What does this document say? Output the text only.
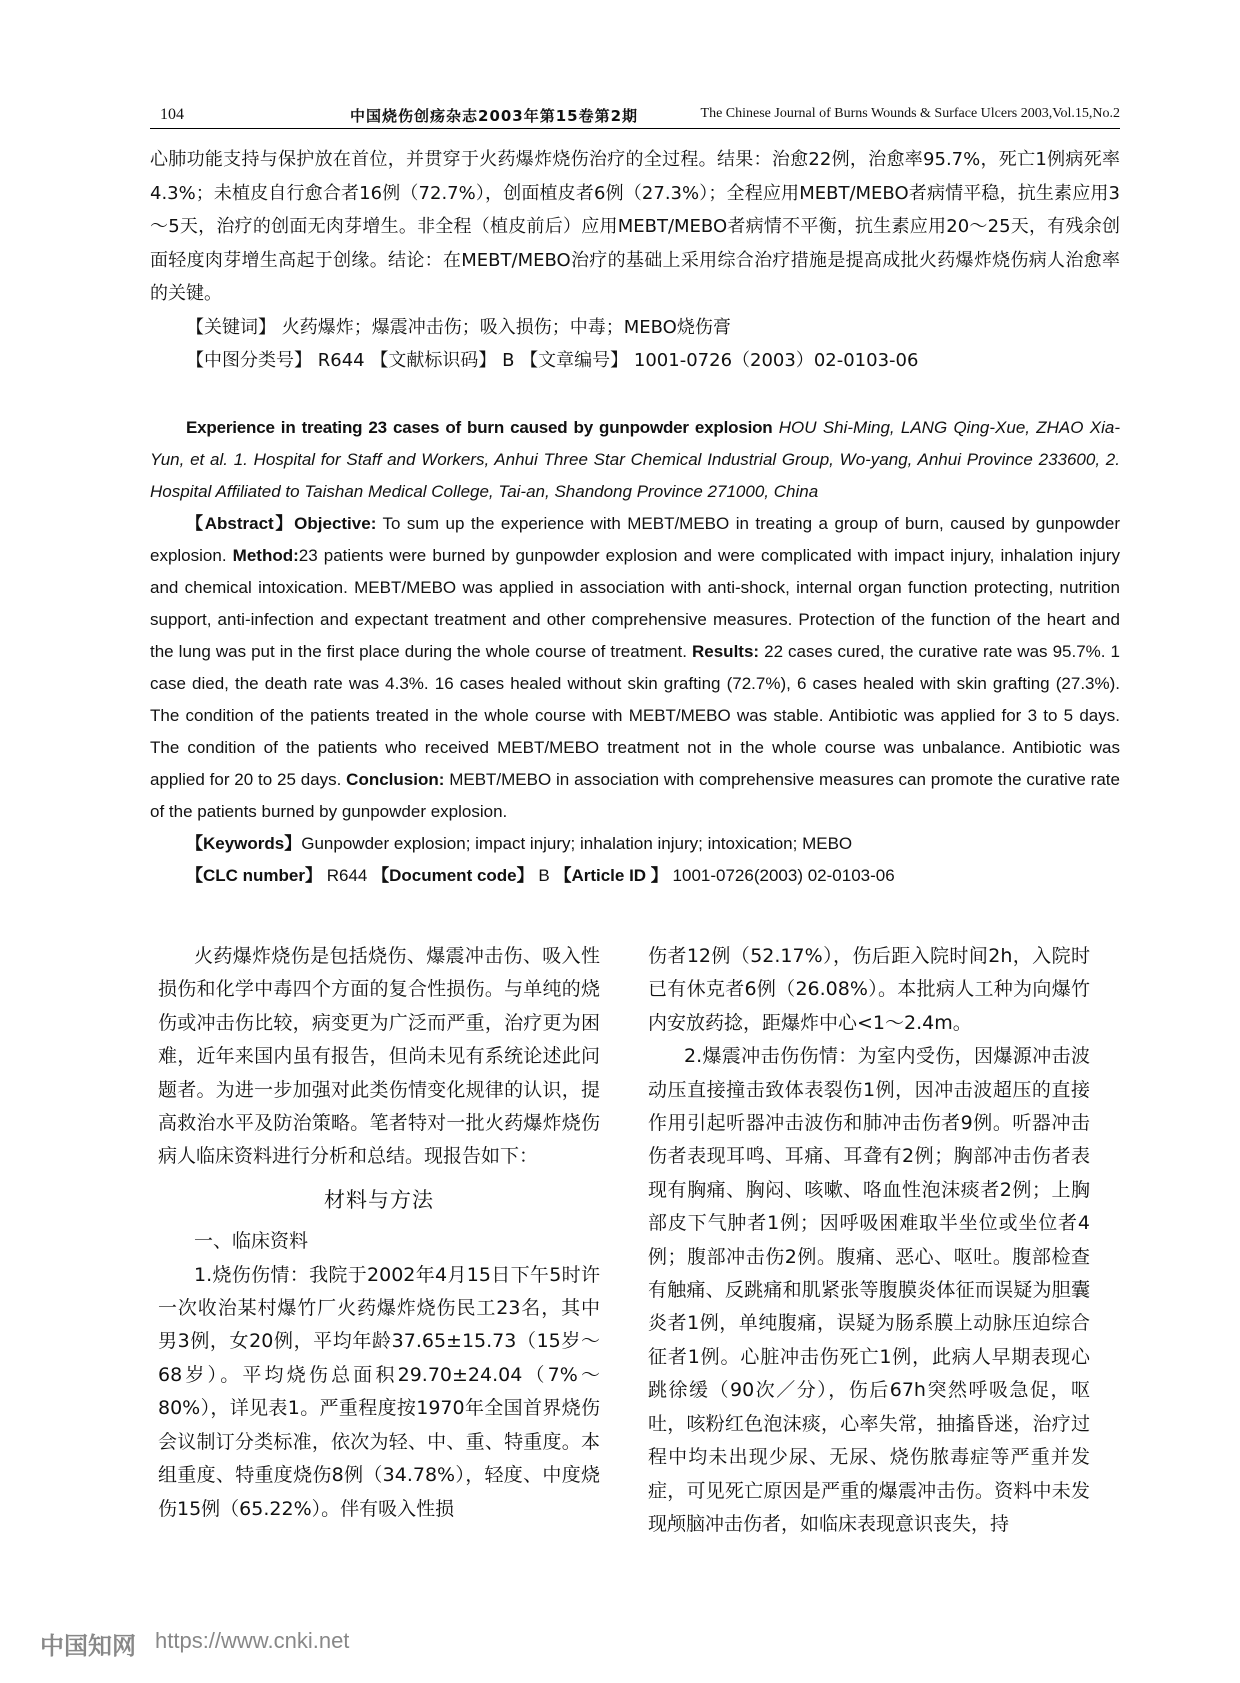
104	中国烧伤创疡杂志2003年第15卷第2期	The Chinese Journal of Burns Wounds & Surface Ulcers 2003,Vol.15,No.2

心肺功能支持与保护放在首位，并贯穿于火药爆炸烧伤治疗的全过程。结果：治愈22例，治愈率95.7%，死亡1例病死率4.3%；未植皮自行愈合者16例（72.7%），创面植皮者6例（27.3%）；全程应用MEBT/MEBO者病情平稳，抗生素应用3～5天，治疗的创面无肉芽增生。非全程（植皮前后）应用MEBT/MEBO者病情不平衡，抗生素应用20～25天，有残余创面轻度肉芽增生高起于创缘。结论：在MEBT/MEBO治疗的基础上采用综合治疗措施是提高成批火药爆炸烧伤病人治愈率的关键。

【关键词】 火药爆炸；爆震冲击伤；吸入损伤；中毒；MEBO烧伤膏

【中图分类号】 R644 【文献标识码】 B 【文章编号】 1001-0726（2003）02-0103-06

Experience in treating 23 cases of burn caused by gunpowder explosion HOU Shi-Ming, LANG Qing-Xue, ZHAO Xia-Yun, et al. 1. Hospital for Staff and Workers, Anhui Three Star Chemical Industrial Group, Wo-yang, Anhui Province 233600, 2. Hospital Affiliated to Taishan Medical College, Tai-an, Shandong Province 271000, China

【Abstract】Objective: To sum up the experience with MEBT/MEBO in treating a group of burn, caused by gunpowder explosion. Method:23 patients were burned by gunpowder explosion and were complicated with impact injury, inhalation injury and chemical intoxication. MEBT/MEBO was applied in association with anti-shock, internal organ function protecting, nutrition support, anti-infection and expectant treatment and other comprehensive measures. Protection of the function of the heart and the lung was put in the first place during the whole course of treatment. Results: 22 cases cured, the curative rate was 95.7%. 1 case died, the death rate was 4.3%. 16 cases healed without skin grafting (72.7%), 6 cases healed with skin grafting (27.3%). The condition of the patients treated in the whole course with MEBT/MEBO was stable. Antibiotic was applied for 3 to 5 days. The condition of the patients who received MEBT/MEBO treatment not in the whole course was unbalance. Antibiotic was applied for 20 to 25 days. Conclusion: MEBT/MEBO in association with comprehensive measures can promote the curative rate of the patients burned by gunpowder explosion.

【Keywords】Gunpowder explosion; impact injury; inhalation injury; intoxication; MEBO

【CLC number】 R644 【Document code】 B 【Article ID 】 1001-0726(2003) 02-0103-06

火药爆炸烧伤是包括烧伤、爆震冲击伤、吸入性损伤和化学中毒四个方面的复合性损伤。与单纯的烧伤或冲击伤比较，病变更为广泛而严重，治疗更为困难，近年来国内虽有报告，但尚未见有系统论述此问题者。为进一步加强对此类伤情变化规律的认识，提高救治水平及防治策略。笔者特对一批火药爆炸烧伤病人临床资料进行分析和总结。现报告如下：

材料与方法

一、临床资料

1.烧伤伤情：我院于2002年4月15日下午5时许一次收治某村爆竹厂火药爆炸烧伤民工23名，其中男3例，女20例，平均年龄37.65±15.73（15岁～68岁）。平均烧伤总面积29.70±24.04（7%～80%），详见表1。严重程度按1970年全国首界烧伤会议制订分类标准，依次为轻、中、重、特重度。本组重度、特重度烧伤8例（34.78%），轻度、中度烧伤15例（65.22%）。伴有吸入性损

伤者12例（52.17%），伤后距入院时间2h，入院时已有休克者6例（26.08%）。本批病人工种为向爆竹内安放药捻，距爆炸中心<1～2.4m。

2.爆震冲击伤伤情：为室内受伤，因爆源冲击波动压直接撞击致体表裂伤1例，因冲击波超压的直接作用引起听器冲击波伤和肺冲击伤者9例。听器冲击伤者表现耳鸣、耳痛、耳聋有2例；胸部冲击伤者表现有胸痛、胸闷、咳嗽、咯血性泡沫痰者2例；上胸部皮下气肿者1例；因呼吸困难取半坐位或坐位者4例；腹部冲击伤2例。腹痛、恶心、呕吐。腹部检查有触痛、反跳痛和肌紧张等腹膜炎体征而误疑为胆囊炎者1例，单纯腹痛，误疑为肠系膜上动脉压迫综合征者1例。心脏冲击伤死亡1例，此病人早期表现心跳徐缓（90次／分），伤后67h突然呼吸急促，呕吐，咳粉红色泡沫痰，心率失常，抽搐昏迷，治疗过程中均未出现少尿、无尿、烧伤脓毒症等严重并发症，可见死亡原因是严重的爆震冲击伤。资料中未发现颅脑冲击伤者，如临床表现意识丧失，持

中国知网 https://www.cnki.net
